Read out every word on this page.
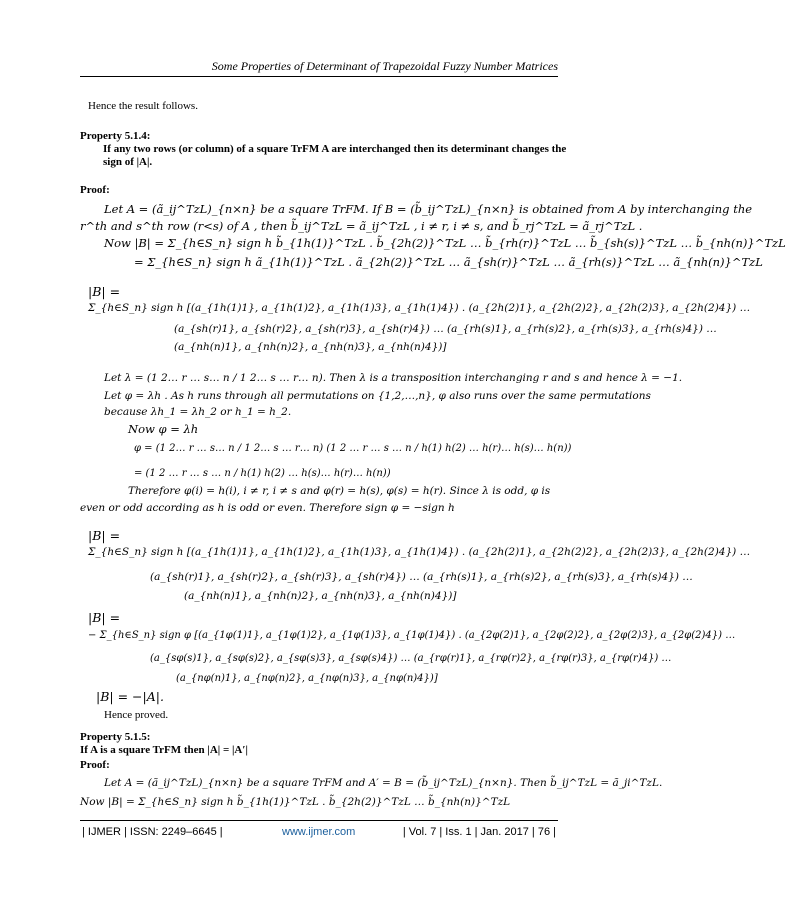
Some Properties of Determinant of Trapezoidal Fuzzy Number Matrices
Hence the result follows.
Property 5.1.4:
If any two rows (or column) of a square TrFM A are interchanged then its determinant changes the
sign of |A|.
Proof:
Let A = (ã_ij^TzL)_{n×n} be a square TrFM. If B = (b̃_ij^TzL)_{n×n} is obtained from A by interchanging the
r^th and s^th row (r<s) of A , then b̃_ij^TzL = ã_ij^TzL , i ≠ r, i ≠ s, and b̃_rj^TzL = ã_rj^TzL .
Now |B| = Σ_{h∈S_n} sign h b̃_{1h(1)}^TzL . b̃_{2h(2)}^TzL … b̃_{rh(r)}^TzL … b̃_{sh(s)}^TzL … b̃_{nh(n)}^TzL
= Σ_{h∈S_n} sign h ã_{1h(1)}^TzL . ã_{2h(2)}^TzL … ã_{sh(r)}^TzL … ã_{rh(s)}^TzL … ã_{nh(n)}^TzL
|B| =
Σ_{h∈S_n} sign h [(a_{1h(1)1}, a_{1h(1)2}, a_{1h(1)3}, a_{1h(1)4}) . (a_{2h(2)1}, a_{2h(2)2}, a_{2h(2)3}, a_{2h(2)4}) …
(a_{sh(r)1}, a_{sh(r)2}, a_{sh(r)3}, a_{sh(r)4}) … (a_{rh(s)1}, a_{rh(s)2}, a_{rh(s)3}, a_{rh(s)4}) …
(a_{nh(n)1}, a_{nh(n)2}, a_{nh(n)3}, a_{nh(n)4})]
Let λ = (1 2… r … s… n / 1 2… s … r… n). Then λ is a transposition interchanging r and s and hence λ = −1.
Let φ = λh . As h runs through all permutations on {1,2,…,n}, φ also runs over the same permutations
because λh_1 = λh_2 or h_1 = h_2.
Now φ = λh
φ = (1 2… r … s… n / 1 2… s … r… n) (1 2 … r … s … n / h(1) h(2) … h(r)… h(s)… h(n))
= (1 2 … r … s … n / h(1) h(2) … h(s)… h(r)… h(n))
Therefore φ(i) = h(i), i ≠ r, i ≠ s and φ(r) = h(s), φ(s) = h(r). Since λ is odd, φ is
even or odd according as h is odd or even. Therefore sign φ = −sign h
|B| =
Σ_{h∈S_n} sign h [(a_{1h(1)1}, a_{1h(1)2}, a_{1h(1)3}, a_{1h(1)4}) . (a_{2h(2)1}, a_{2h(2)2}, a_{2h(2)3}, a_{2h(2)4}) …
(a_{sh(r)1}, a_{sh(r)2}, a_{sh(r)3}, a_{sh(r)4}) … (a_{rh(s)1}, a_{rh(s)2}, a_{rh(s)3}, a_{rh(s)4}) …
(a_{nh(n)1}, a_{nh(n)2}, a_{nh(n)3}, a_{nh(n)4})]
|B| =
− Σ_{h∈S_n} sign φ [(a_{1φ(1)1}, a_{1φ(1)2}, a_{1φ(1)3}, a_{1φ(1)4}) . (a_{2φ(2)1}, a_{2φ(2)2}, a_{2φ(2)3}, a_{2φ(2)4}) …
(a_{sφ(s)1}, a_{sφ(s)2}, a_{sφ(s)3}, a_{sφ(s)4}) … (a_{rφ(r)1}, a_{rφ(r)2}, a_{rφ(r)3}, a_{rφ(r)4}) …
(a_{nφ(n)1}, a_{nφ(n)2}, a_{nφ(n)3}, a_{nφ(n)4})]
|B| = −|A|.
Hence proved.
Property 5.1.5:
If A is a square TrFM then |A| = |A′|
Proof:
Let A = (ã_ij^TzL)_{n×n} be a square TrFM and A′ = B = (b̃_ij^TzL)_{n×n}. Then b̃_ij^TzL = ã_ji^TzL.
Now |B| = Σ_{h∈S_n} sign h b̃_{1h(1)}^TzL . b̃_{2h(2)}^TzL … b̃_{nh(n)}^TzL
| IJMER | ISSN: 2249–6645 |	www.ijmer.com	| Vol. 7 | Iss. 1 | Jan. 2017 | 76 |
